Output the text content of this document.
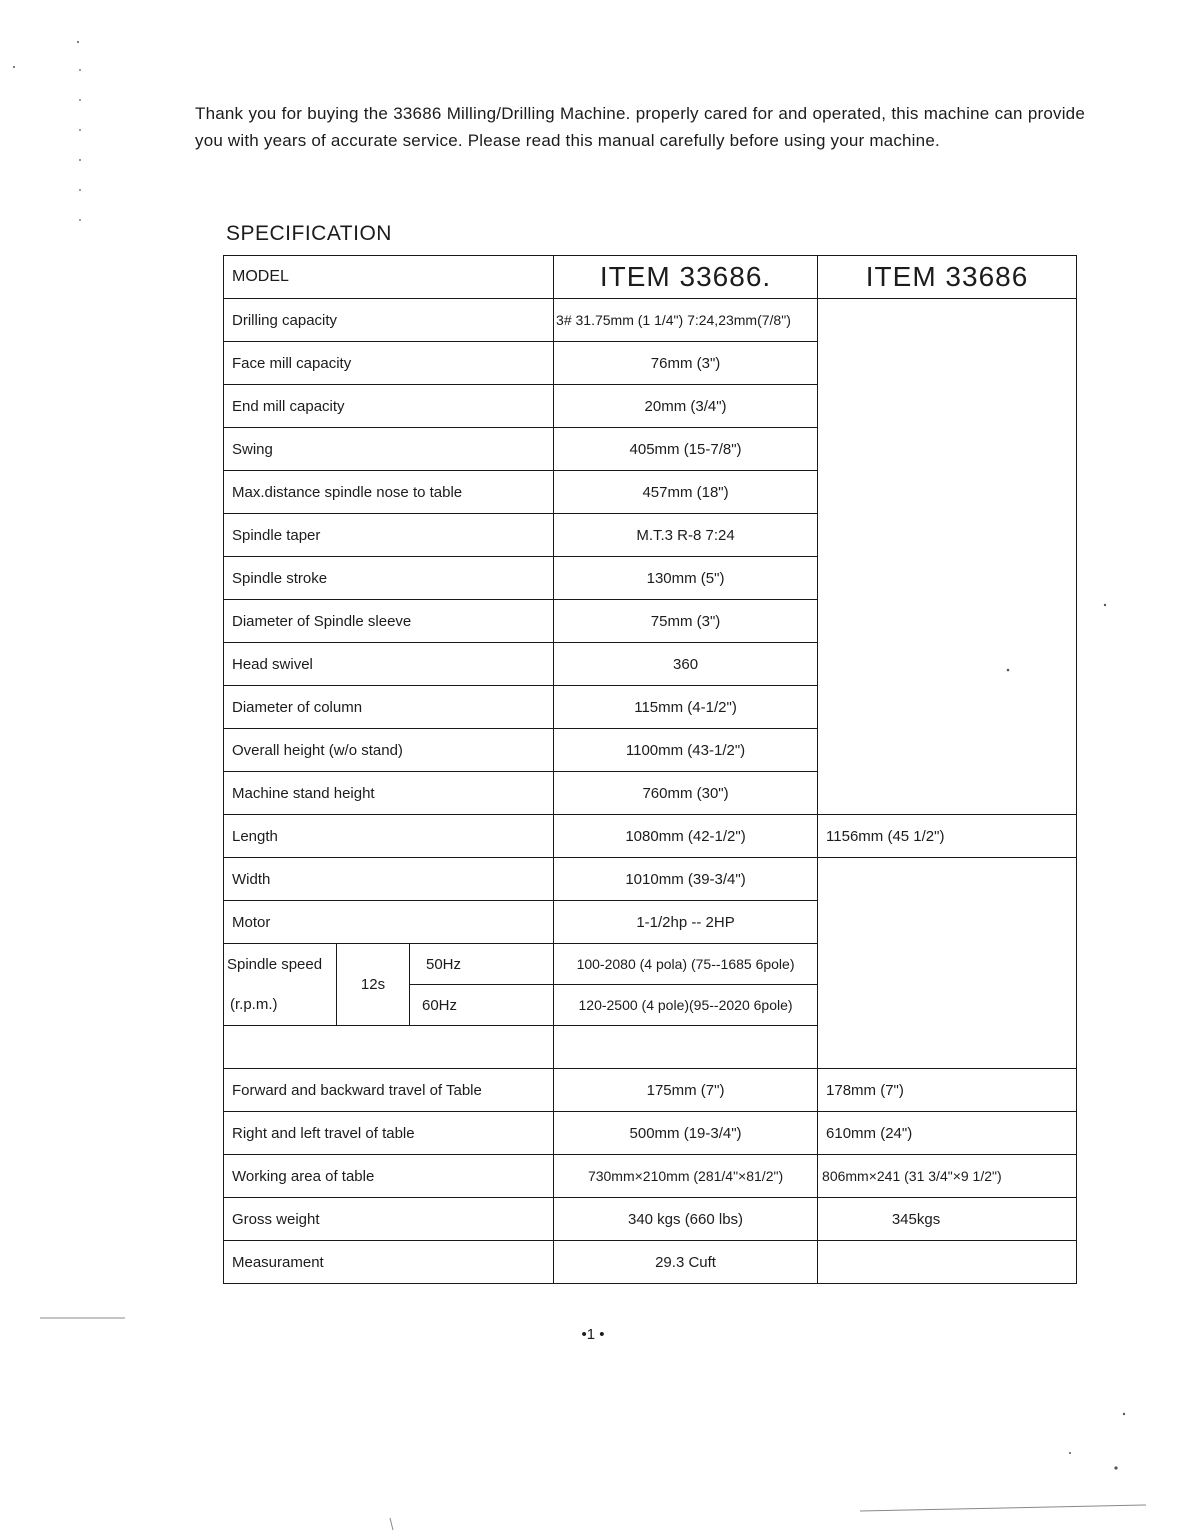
Thank you for buying the 33686 Milling/Drilling Machine. properly cared for and operated, this machine can provide you with years of accurate service. Please read this manual carefully before using your machine.
SPECIFICATION
MODEL			ITEM 33686.	ITEM 33686
Drilling capacity			3# 31.75mm (1 1/4") 7:24,23mm(7/8")	
Face mill capacity			76mm (3")	
End mill capacity			20mm (3/4")	
Swing			405mm (15-7/8")	
Max.distance spindle nose to table			457mm (18")	
Spindle taper			M.T.3 R-8 7:24	
Spindle stroke			130mm (5")	
Diameter of Spindle sleeve			75mm (3")	
Head swivel			360	
Diameter of column			115mm (4-1/2")	
Overall height (w/o stand)			1100mm (43-1/2")	
Machine stand height			760mm (30")	
Length			1080mm (42-1/2")	1156mm (45 1/2")
Width			1010mm (39-3/4")	
Motor			1-1/2hp -- 2HP	
Spindle speed	12s	50Hz	100-2080 (4 pola) (75--1685 6pole)	
(r.p.m.)		60Hz	120-2500 (4 pole)(95--2020 6pole)	

Forward and backward travel of Table			175mm (7")	178mm (7")
Right and left travel of table			500mm (19-3/4")	610mm (24")
Working area of table			730mm×210mm (281/4"×81/2")	806mm×241 (31 3/4"×9 1/2")
Gross weight			340 kgs (660 lbs)	345kgs
Measurament			29.3 Cuft	
•1 •
